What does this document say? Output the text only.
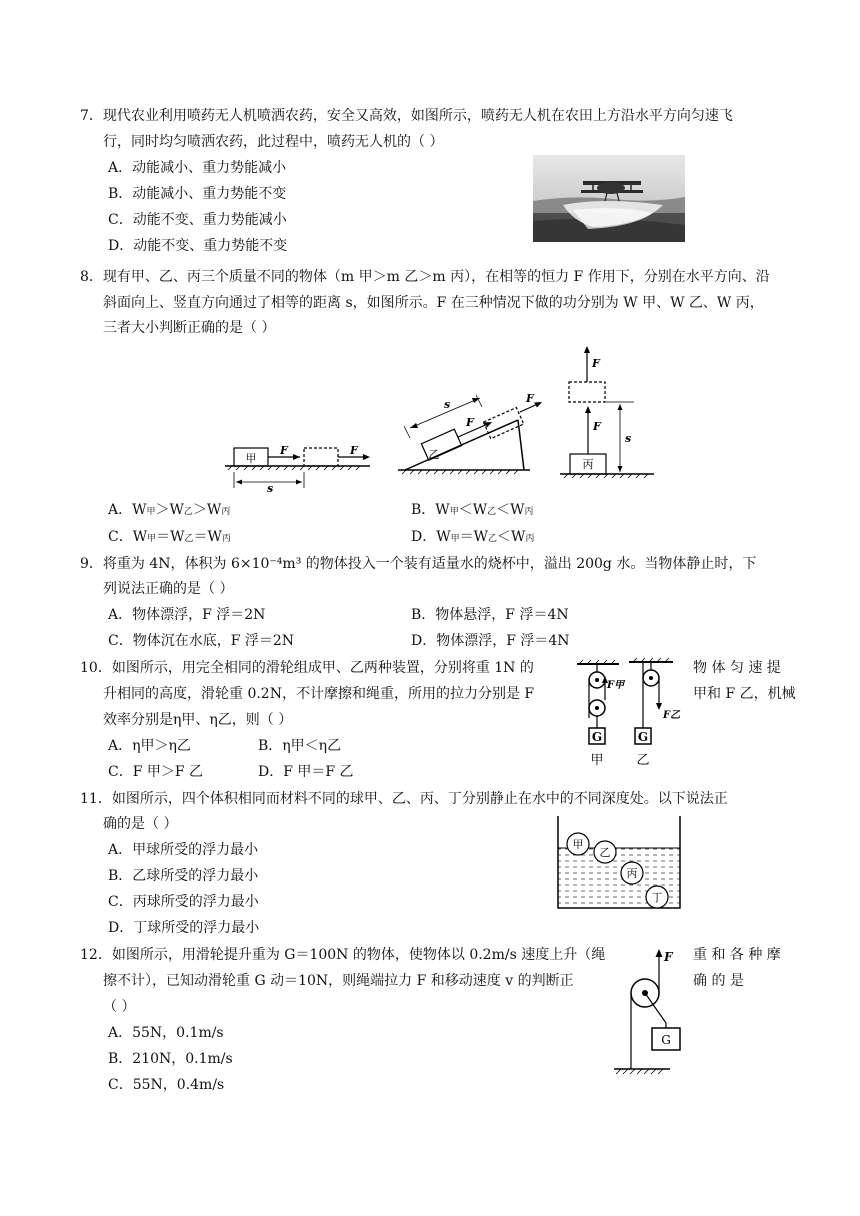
7．现代农业利用喷药无人机喷洒农药，安全又高效，如图所示，喷药无人机在农田上方沿水平方向匀速飞
行，同时均匀喷洒农药，此过程中，喷药无人机的（ ）
A．动能减小、重力势能减小
B．动能减小、重力势能不变
C．动能不变、重力势能减小
D．动能不变、重力势能不变
8．现有甲、乙、丙三个质量不同的物体（m 甲＞m 乙＞m 丙），在相等的恒力 F 作用下，分别在水平方向、沿
斜面向上、竖直方向通过了相等的距离 s，如图所示。F 在三种情况下做的功分别为 W 甲、W 乙、W 丙，
三者大小判断正确的是（ ）
甲
F	F
s
乙
F
F
s
丙
F
F
s
A．W甲＞W乙＞W丙	B．W甲＜W乙＜W丙
C．W甲＝W乙＝W丙	D．W甲＝W乙＜W丙
9．将重为 4N，体积为 6×10⁻⁴m³ 的物体投入一个装有适量水的烧杯中，溢出 200g 水。当物体静止时，下
列说法正确的是（ ）
A．物体漂浮，F 浮＝2N	B．物体悬浮，F 浮＝4N
C．物体沉在水底，F 浮＝2N	D．物体漂浮，F 浮＝4N
10．如图所示，用完全相同的滑轮组成甲、乙两种装置，分别将重 1N 的	物 体 匀 速 提
升相同的高度，滑轮重 0.2N，不计摩擦和绳重，所用的拉力分别是 F	甲和 F 乙，机械
效率分别是η甲、η乙，则（ ）
A．η甲＞η乙	B．η甲＜η乙
C．F 甲＞F 乙	D．F 甲＝F 乙
G	G
甲	乙
F甲
F乙
11．如图所示，四个体积相同而材料不同的球甲、乙、丙、丁分别静止在水中的不同深度处。以下说法正
确的是（ ）
A．甲球所受的浮力最小
B．乙球所受的浮力最小
C．丙球所受的浮力最小
D．丁球所受的浮力最小
甲
乙
丙
丁
12．如图所示，用滑轮提升重为 G＝100N 的物体，使物体以 0.2m/s 速度上升（绳	重 和 各 种 摩
擦不计），已知动滑轮重 G 动＝10N，则绳端拉力 F 和移动速度 v 的判断正	确 的 是
（ ）
A．55N，0.1m/s
B．210N，0.1m/s
C．55N，0.4m/s
F
G
